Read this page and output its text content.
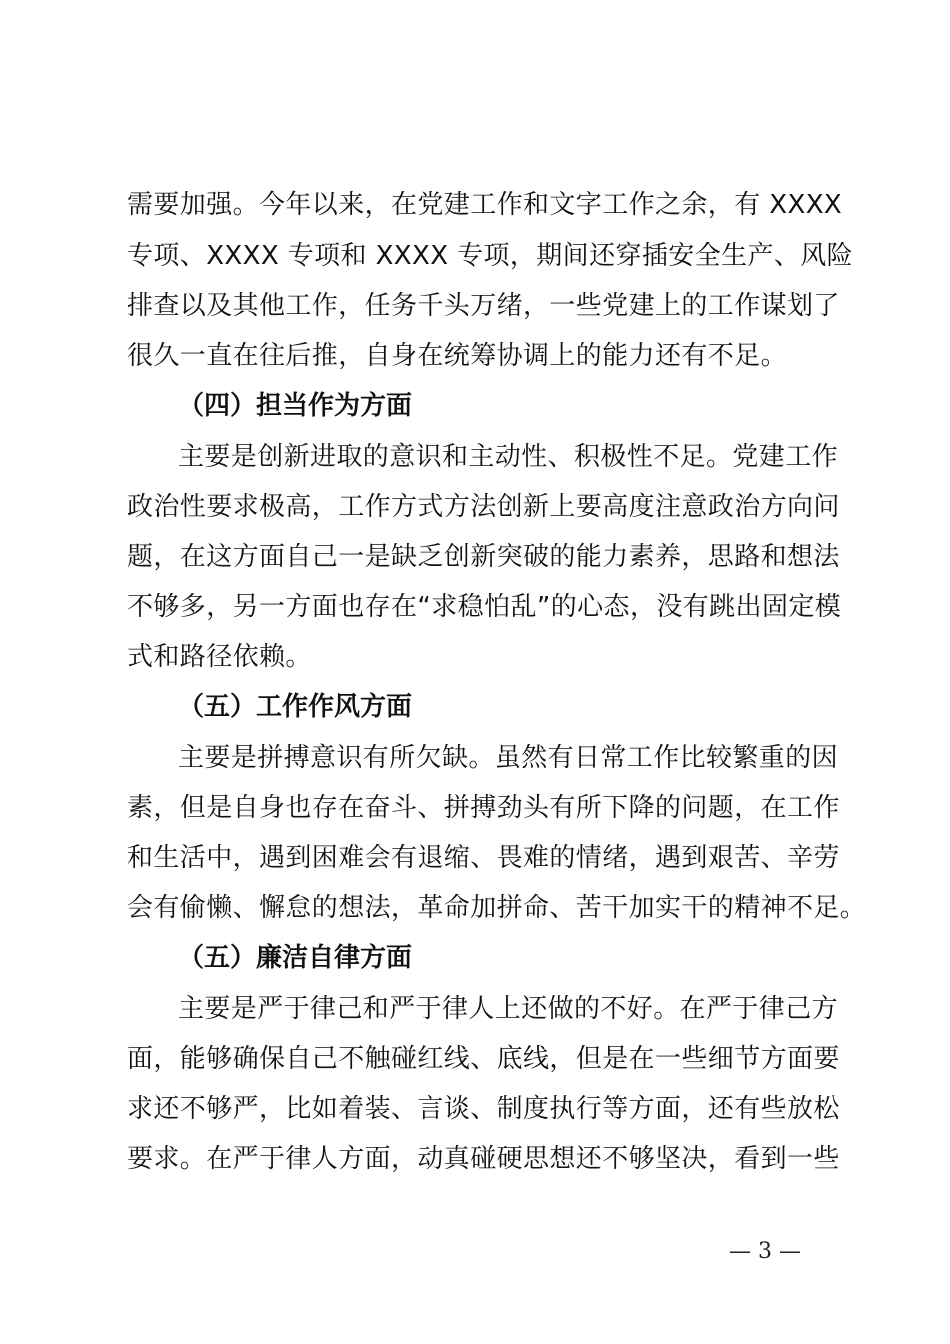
需要加强。今年以来，在党建工作和文字工作之余，有 XXXX
专项、XXXX 专项和 XXXX 专项，期间还穿插安全生产、风险
排查以及其他工作，任务千头万绪，一些党建上的工作谋划了
很久一直在往后推，自身在统筹协调上的能力还有不足。
（四）担当作为方面
主要是创新进取的意识和主动性、积极性不足。党建工作
政治性要求极高，工作方式方法创新上要高度注意政治方向问
题，在这方面自己一是缺乏创新突破的能力素养，思路和想法
不够多，另一方面也存在“求稳怕乱”的心态，没有跳出固定模
式和路径依赖。
（五）工作作风方面
主要是拼搏意识有所欠缺。虽然有日常工作比较繁重的因
素，但是自身也存在奋斗、拼搏劲头有所下降的问题，在工作
和生活中，遇到困难会有退缩、畏难的情绪，遇到艰苦、辛劳
会有偷懒、懈怠的想法，革命加拼命、苦干加实干的精神不足。
（五）廉洁自律方面
主要是严于律己和严于律人上还做的不好。在严于律己方
面，能够确保自己不触碰红线、底线，但是在一些细节方面要
求还不够严，比如着装、言谈、制度执行等方面，还有些放松
要求。在严于律人方面，动真碰硬思想还不够坚决，看到一些
— 3 —
